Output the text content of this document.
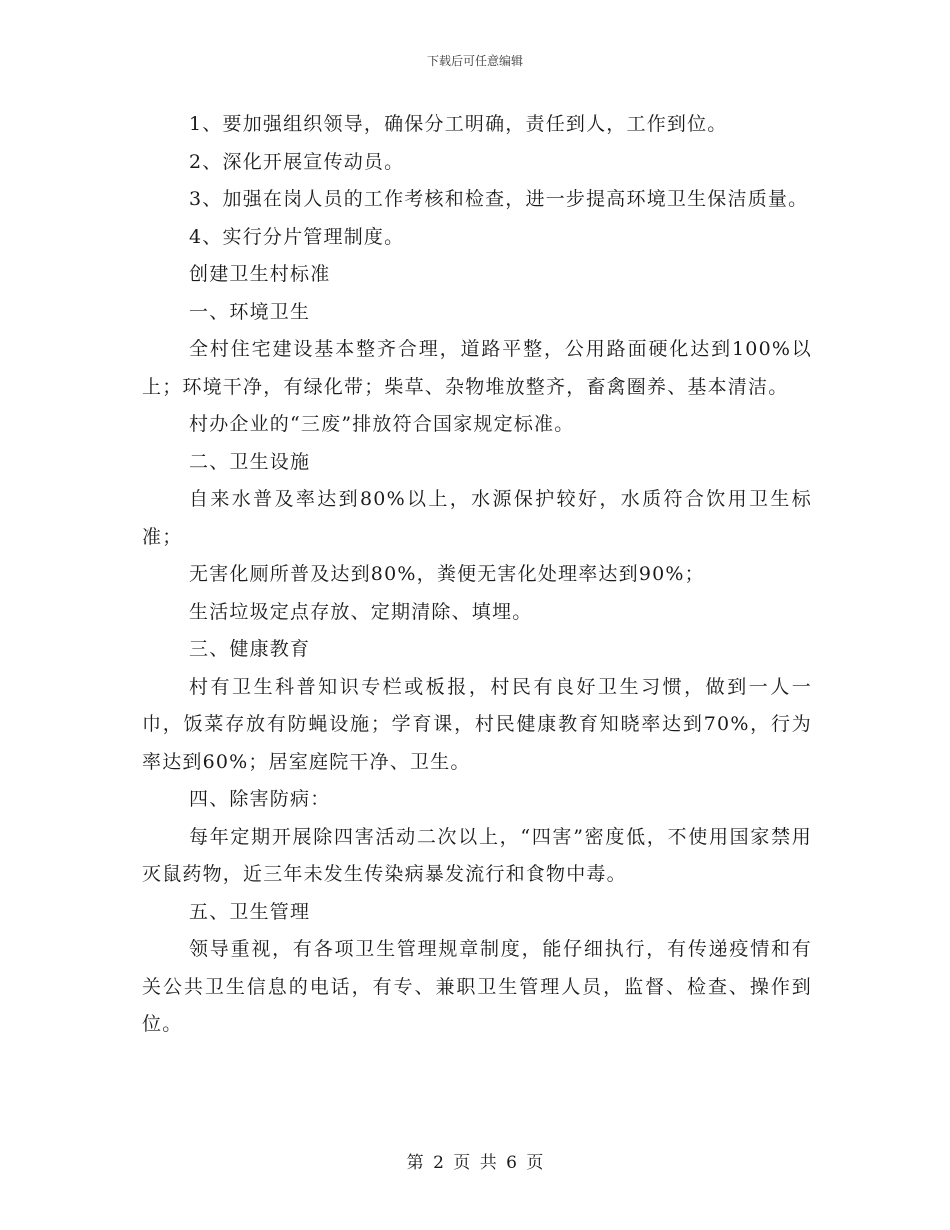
下载后可任意编辑

1、要加强组织领导，确保分工明确，责任到人，工作到位。

2、深化开展宣传动员。

3、加强在岗人员的工作考核和检查，进一步提高环境卫生保洁质量。

4、实行分片管理制度。

创建卫生村标准

一、环境卫生

全村住宅建设基本整齐合理，道路平整，公用路面硬化达到100%以上；环境干净，有绿化带；柴草、杂物堆放整齐，畜禽圈养、基本清洁。

村办企业的“三废”排放符合国家规定标准。

二、卫生设施

自来水普及率达到80%以上，水源保护较好，水质符合饮用卫生标准；

无害化厕所普及达到80%，粪便无害化处理率达到90%；

生活垃圾定点存放、定期清除、填埋。

三、健康教育

村有卫生科普知识专栏或板报，村民有良好卫生习惯，做到一人一巾，饭菜存放有防蝇设施；学育课，村民健康教育知晓率达到70%，行为率达到60%；居室庭院干净、卫生。

四、除害防病：

每年定期开展除四害活动二次以上，“四害”密度低，不使用国家禁用灭鼠药物，近三年未发生传染病暴发流行和食物中毒。

五、卫生管理

领导重视，有各项卫生管理规章制度，能仔细执行，有传递疫情和有关公共卫生信息的电话，有专、兼职卫生管理人员，监督、检查、操作到位。

第 2 页 共 6 页
